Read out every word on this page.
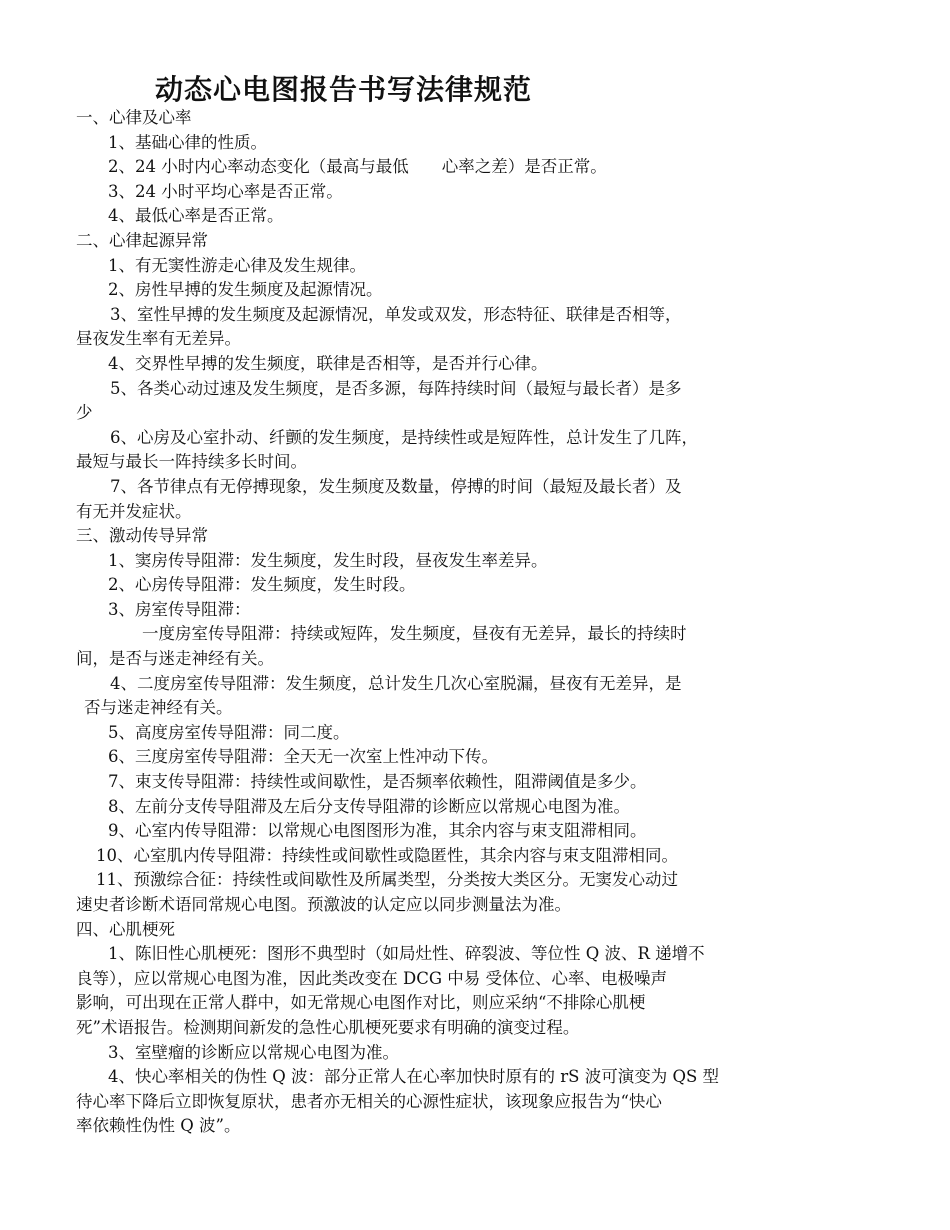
动态心电图报告书写法律规范
一、心律及心率
1、基础心律的性质。
2、24 小时内心率动态变化（最高与最低　　心率之差）是否正常。
3、24 小时平均心率是否正常。
4、最低心率是否正常。
二、心律起源异常
1、有无窦性游走心律及发生规律。
2、房性早搏的发生频度及起源情况。
3、室性早搏的发生频度及起源情况，单发或双发，形态特征、联律是否相等，
昼夜发生率有无差异。
4、交界性早搏的发生频度，联律是否相等，是否并行心律。
5、各类心动过速及发生频度，是否多源，每阵持续时间（最短与最长者）是多
少
6、心房及心室扑动、纤颤的发生频度，是持续性或是短阵性，总计发生了几阵，
最短与最长一阵持续多长时间。
7、各节律点有无停搏现象，发生频度及数量，停搏的时间（最短及最长者）及
有无并发症状。
三、激动传导异常
1、窦房传导阻滞：发生频度，发生时段，昼夜发生率差异。
2、心房传导阻滞：发生频度，发生时段。
3、房室传导阻滞：
一度房室传导阻滞：持续或短阵，发生频度，昼夜有无差异，最长的持续时
间，是否与迷走神经有关。
4、二度房室传导阻滞：发生频度，总计发生几次心室脱漏，昼夜有无差异，是
否与迷走神经有关。
5、高度房室传导阻滞：同二度。
6、三度房室传导阻滞：全天无一次室上性冲动下传。
7、束支传导阻滞：持续性或间歇性，是否频率依赖性，阻滞阈值是多少。
8、左前分支传导阻滞及左后分支传导阻滞的诊断应以常规心电图为准。
9、心室内传导阻滞：以常规心电图图形为准，其余内容与束支阻滞相同。
10、心室肌内传导阻滞：持续性或间歇性或隐匿性，其余内容与束支阻滞相同。
11、预激综合征：持续性或间歇性及所属类型，分类按大类区分。无窦发心动过
速史者诊断术语同常规心电图。预激波的认定应以同步测量法为准。
四、心肌梗死
1、陈旧性心肌梗死：图形不典型时（如局灶性、碎裂波、等位性 Q 波、R 递增不
良等），应以常规心电图为准，因此类改变在 DCG 中易 受体位、心率、电极噪声
影响，可出现在正常人群中，如无常规心电图作对比，则应采纳“不排除心肌梗
死”术语报告。检测期间新发的急性心肌梗死要求有明确的演变过程。
3、室壁瘤的诊断应以常规心电图为准。
4、快心率相关的伪性 Q 波：部分正常人在心率加快时原有的 rS 波可演变为 QS 型
待心率下降后立即恢复原状，患者亦无相关的心源性症状，该现象应报告为“快心
率依赖性伪性 Q 波”。
